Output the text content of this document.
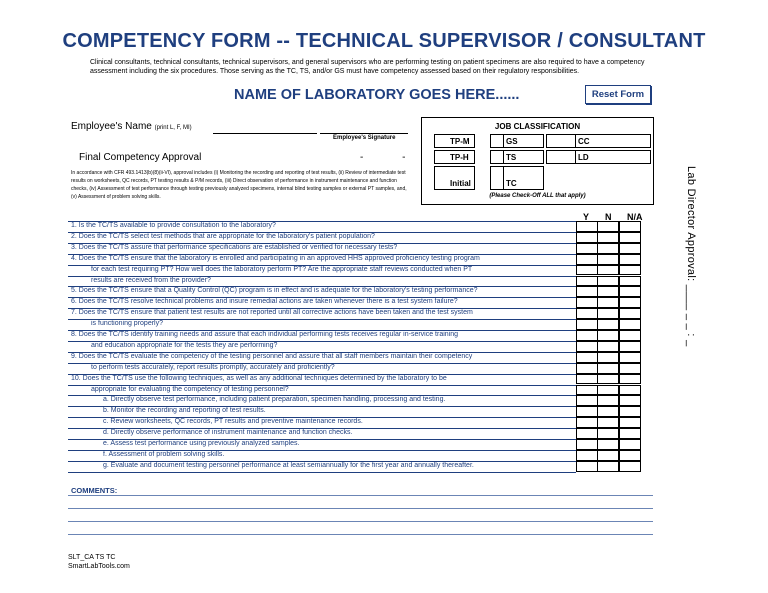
COMPETENCY FORM -- TECHNICAL SUPERVISOR / CONSULTANT
Clinical consultants, technical consultants, technical supervisors, and general supervisors who are performing testing on patient specimens are also required to have a competency assessment including the six procedures. Those serving as the TC, TS, and/or GS must have competency assessed based on their regulatory responsibilities.
NAME OF LABORATORY GOES HERE......	Reset Form
Employee's Name (print L, F, MI)
Employee's Signature
Final Competency Approval	- -
In accordance with CFR 493.1413(b)(8)(ii-VI), approval includes (i) Monitoring the recording and reporting of test results, (ii) Review of intermediate test results on worksheets, QC records, PT testing results & P/M records, (iii) Direct observation of performance in instrument maintenance and function checks, (iv) Assessment of test performance through testing previously analyzed specimens, internal blind testing samples or external PT samples, and, (v) Assessment of problem solving skills.
JOB CLASSIFICATION
TP-M	GS	CC
TP-H	TS	LD
Initial	TC
(Please Check-Off ALL that apply)	Lab Director Approval: ____ _ _ : _
Y N N/A
1. Is the TC/TS available to provide consultation to the laboratory?
2. Does the TC/TS select test methods that are appropriate for the laboratory's patient population?
3. Does the TC/TS assure that performance specifications are established or verified for necessary tests?
4. Does the TC/TS ensure that the laboratory is enrolled and participating in an approved HHS approved proficiency testing program
for each test requiring PT? How well does the laboratory perform PT? Are the appropriate staff reviews conducted when PT
results are received from the provider?
5. Does the TC/TS ensure that a Quality Control (QC) program is in effect and is adequate for the laboratory's testing performance?
6. Does the TC/TS resolve technical problems and insure remedial actions are taken whenever there is a test system failure?
7. Does the TC/TS ensure that patient test results are not reported until all corrective actions have been taken and the test system
is functioning properly?
8. Does the TC/TS identify training needs and assure that each individual performing tests receives regular in-service training
and education appropriate for the tests they are performing?
9. Does the TC/TS evaluate the competency of the testing personnel and assure that all staff members maintain their competency
to perform tests accurately, report results promptly, accurately and proficiently?
10. Does the TC/TS use the following techniques, as well as any additional techniques determined by the laboratory to be
appropriate for evaluating the competency of testing personnel?
a. Directly observe test performance, including patient preparation, specimen handling, processing and testing.
b. Monitor the recording and reporting of test results.
c. Review worksheets, QC records, PT results and preventive maintenance records.
d. Directly observe performance of instrument maintenance and function checks.
e. Assess test performance using previously analyzed samples.
f. Assessment of problem solving skills.
g. Evaluate and document testing personnel performance at least semiannually for the first year and annually thereafter.
COMMENTS:
SLT_CA TS TC
SmartLabTools.com
